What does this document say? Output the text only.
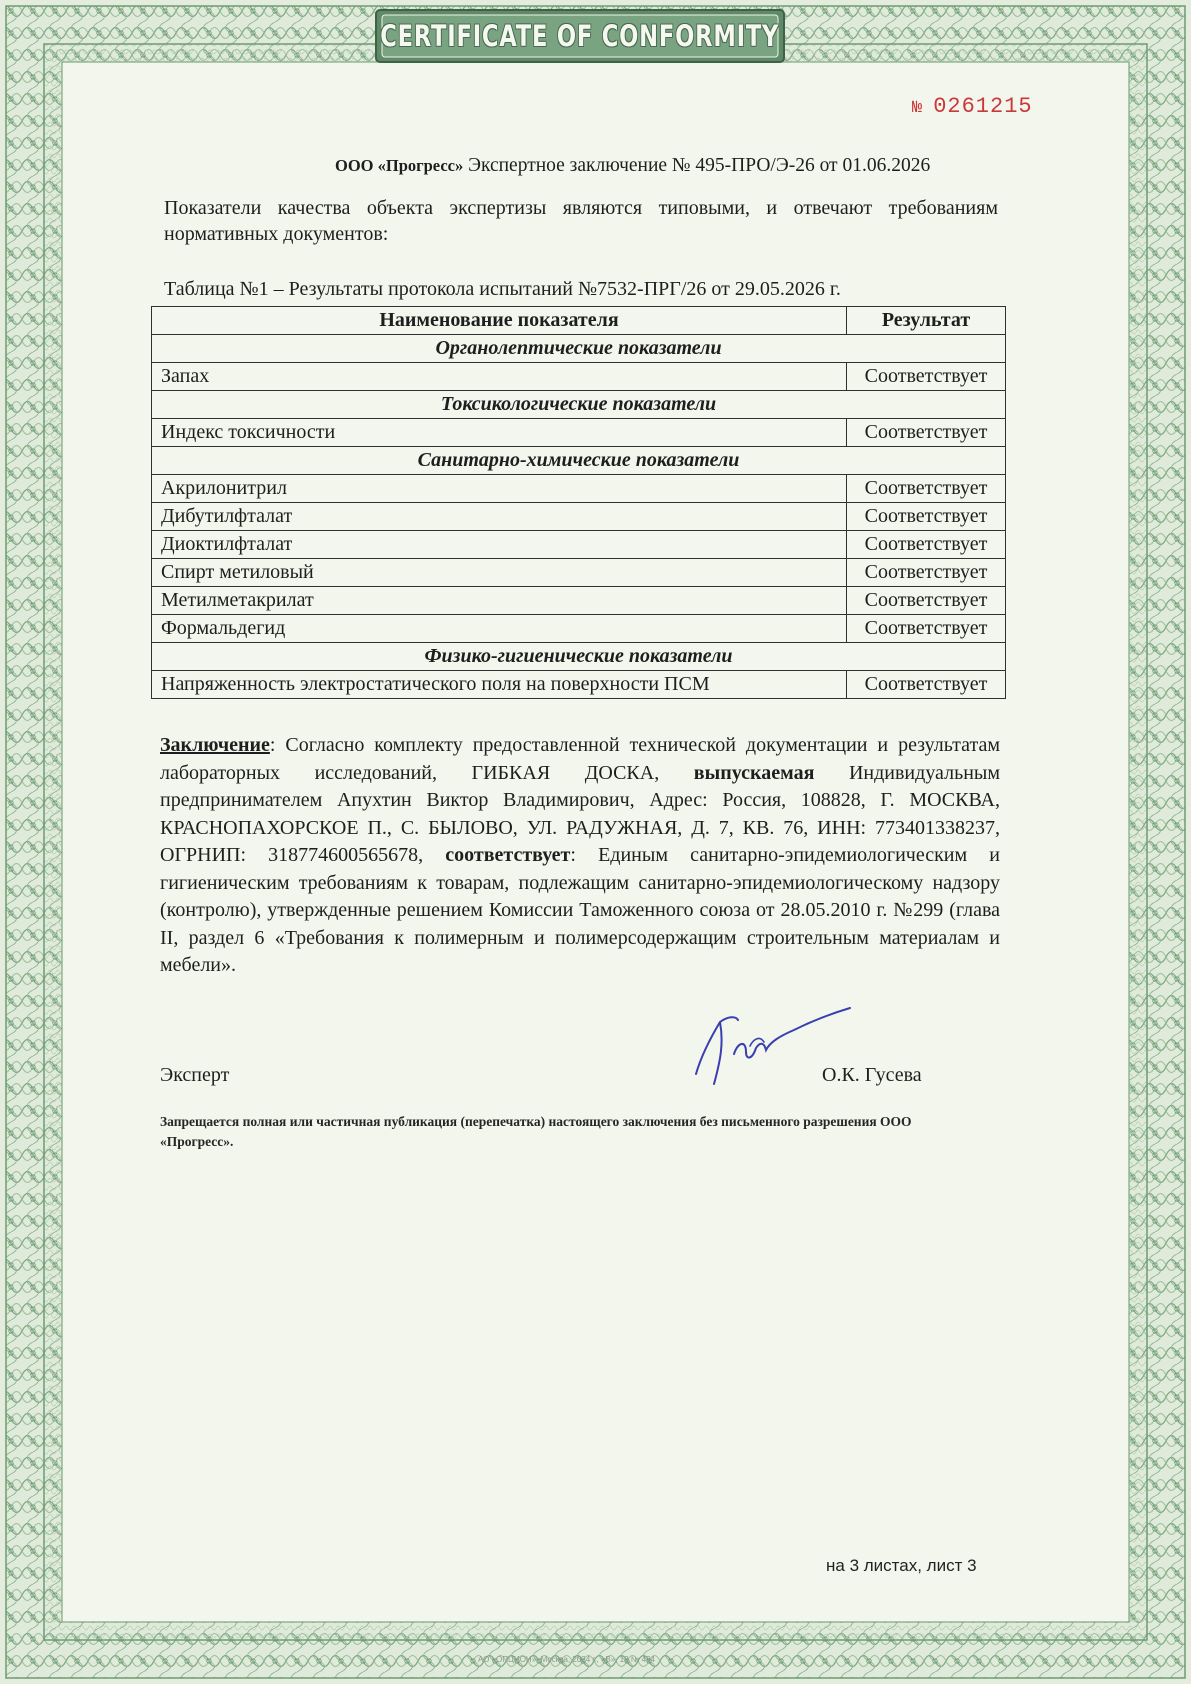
CERTIFICATE OF CONFORMITY
№ 0261215
ООО «Прогресс» Экспертное заключение № 495-ПРО/Э-26 от 01.06.2026
Показатели качества объекта экспертизы являются типовыми, и отвечают требованиям нормативных документов:
Таблица №1 – Результаты протокола испытаний №7532-ПРГ/26 от 29.05.2026 г.
Наименование показателя	Результат
Органолептические показатели	
Запах	Соответствует
Токсикологические показатели	
Индекс токсичности	Соответствует
Санитарно-химические показатели	
Акрилонитрил	Соответствует
Дибутилфталат	Соответствует
Диоктилфталат	Соответствует
Спирт метиловый	Соответствует
Метилметакрилат	Соответствует
Формальдегид	Соответствует
Физико-гигиенические показатели	
Напряженность электростатического поля на поверхности ПСМ	Соответствует
Заключение: Согласно комплекту предоставленной технической документации и результатам лабораторных исследований, ГИБКАЯ ДОСКА, выпускаемая Индивидуальным предпринимателем Апухтин Виктор Владимирович, Адрес: Россия, 108828, Г. МОСКВА, КРАСНОПАХОРСКОЕ П., С. БЫЛОВО, УЛ. РАДУЖНАЯ, Д. 7, КВ. 76, ИНН: 773401338237, ОГРНИП: 318774600565678, соответствует: Единым санитарно-эпидемиологическим и гигиеническим требованиям к товарам, подлежащим санитарно-эпидемиологическому надзору (контролю), утвержденные решением Комиссии Таможенного союза от 28.05.2010 г. №299 (глава II, раздел 6 «Требования к полимерным и полимерсодержащим строительным материалам и мебели».
Эксперт	О.К. Гусева
Запрещается полная или частичная публикация (перепечатка) настоящего заключения без письменного разрешения ООО «Прогресс».
на 3 листах, лист 3
АО «ОПЦИОН», Москва, 2024 г., «В», 13 № 434
